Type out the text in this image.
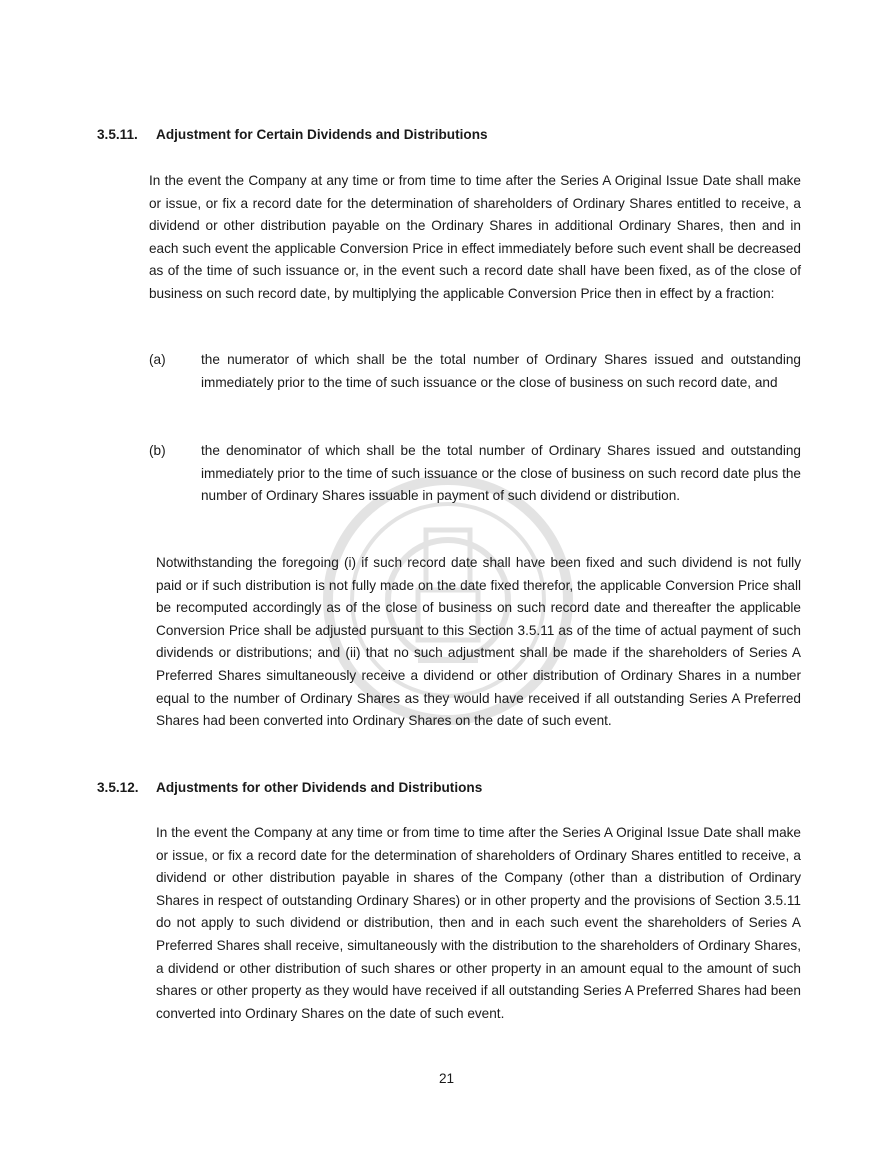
3.5.11.	Adjustment for Certain Dividends and Distributions

In the event the Company at any time or from time to time after the Series A Original Issue Date shall make or issue, or fix a record date for the determination of shareholders of Ordinary Shares entitled to receive, a dividend or other distribution payable on the Ordinary Shares in additional Ordinary Shares, then and in each such event the applicable Conversion Price in effect immediately before such event shall be decreased as of the time of such issuance or, in the event such a record date shall have been fixed, as of the close of business on such record date, by multiplying the applicable Conversion Price then in effect by a fraction:

(a)	the numerator of which shall be the total number of Ordinary Shares issued and outstanding immediately prior to the time of such issuance or the close of business on such record date, and
(b)	the denominator of which shall be the total number of Ordinary Shares issued and outstanding immediately prior to the time of such issuance or the close of business on such record date plus the number of Ordinary Shares issuable in payment of such dividend or distribution.

Notwithstanding the foregoing (i) if such record date shall have been fixed and such dividend is not fully paid or if such distribution is not fully made on the date fixed therefor, the applicable Conversion Price shall be recomputed accordingly as of the close of business on such record date and thereafter the applicable Conversion Price shall be adjusted pursuant to this Section 3.5.11 as of the time of actual payment of such dividends or distributions; and (ii) that no such adjustment shall be made if the shareholders of Series A Preferred Shares simultaneously receive a dividend or other distribution of Ordinary Shares in a number equal to the number of Ordinary Shares as they would have received if all outstanding Series A Preferred Shares had been converted into Ordinary Shares on the date of such event.

3.5.12.	Adjustments for other Dividends and Distributions

In the event the Company at any time or from time to time after the Series A Original Issue Date shall make or issue, or fix a record date for the determination of shareholders of Ordinary Shares entitled to receive, a dividend or other distribution payable in shares of the Company (other than a distribution of Ordinary Shares in respect of outstanding Ordinary Shares) or in other property and the provisions of Section 3.5.11 do not apply to such dividend or distribution, then and in each such event the shareholders of Series A Preferred Shares shall receive, simultaneously with the distribution to the shareholders of Ordinary Shares, a dividend or other distribution of such shares or other property in an amount equal to the amount of such shares or other property as they would have received if all outstanding Series A Preferred Shares had been converted into Ordinary Shares on the date of such event.

21
